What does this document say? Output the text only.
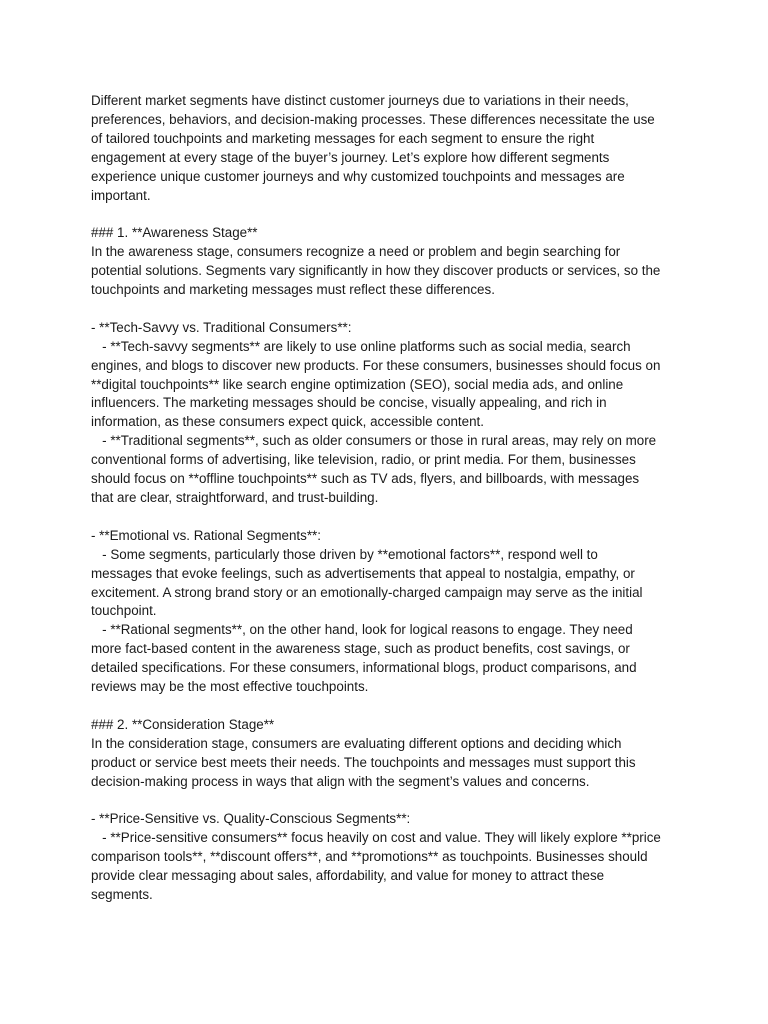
Different market segments have distinct customer journeys due to variations in their needs,
preferences, behaviors, and decision-making processes. These differences necessitate the use
of tailored touchpoints and marketing messages for each segment to ensure the right
engagement at every stage of the buyer’s journey. Let’s explore how different segments
experience unique customer journeys and why customized touchpoints and messages are
important.
### 1. **Awareness Stage**
In the awareness stage, consumers recognize a need or problem and begin searching for
potential solutions. Segments vary significantly in how they discover products or services, so the
touchpoints and marketing messages must reflect these differences.
- **Tech-Savvy vs. Traditional Consumers**:
- **Tech-savvy segments** are likely to use online platforms such as social media, search
engines, and blogs to discover new products. For these consumers, businesses should focus on
**digital touchpoints** like search engine optimization (SEO), social media ads, and online
influencers. The marketing messages should be concise, visually appealing, and rich in
information, as these consumers expect quick, accessible content.
- **Traditional segments**, such as older consumers or those in rural areas, may rely on more
conventional forms of advertising, like television, radio, or print media. For them, businesses
should focus on **offline touchpoints** such as TV ads, flyers, and billboards, with messages
that are clear, straightforward, and trust-building.
- **Emotional vs. Rational Segments**:
- Some segments, particularly those driven by **emotional factors**, respond well to
messages that evoke feelings, such as advertisements that appeal to nostalgia, empathy, or
excitement. A strong brand story or an emotionally-charged campaign may serve as the initial
touchpoint.
- **Rational segments**, on the other hand, look for logical reasons to engage. They need
more fact-based content in the awareness stage, such as product benefits, cost savings, or
detailed specifications. For these consumers, informational blogs, product comparisons, and
reviews may be the most effective touchpoints.
### 2. **Consideration Stage**
In the consideration stage, consumers are evaluating different options and deciding which
product or service best meets their needs. The touchpoints and messages must support this
decision-making process in ways that align with the segment’s values and concerns.
- **Price-Sensitive vs. Quality-Conscious Segments**:
- **Price-sensitive consumers** focus heavily on cost and value. They will likely explore **price
comparison tools**, **discount offers**, and **promotions** as touchpoints. Businesses should
provide clear messaging about sales, affordability, and value for money to attract these
segments.
